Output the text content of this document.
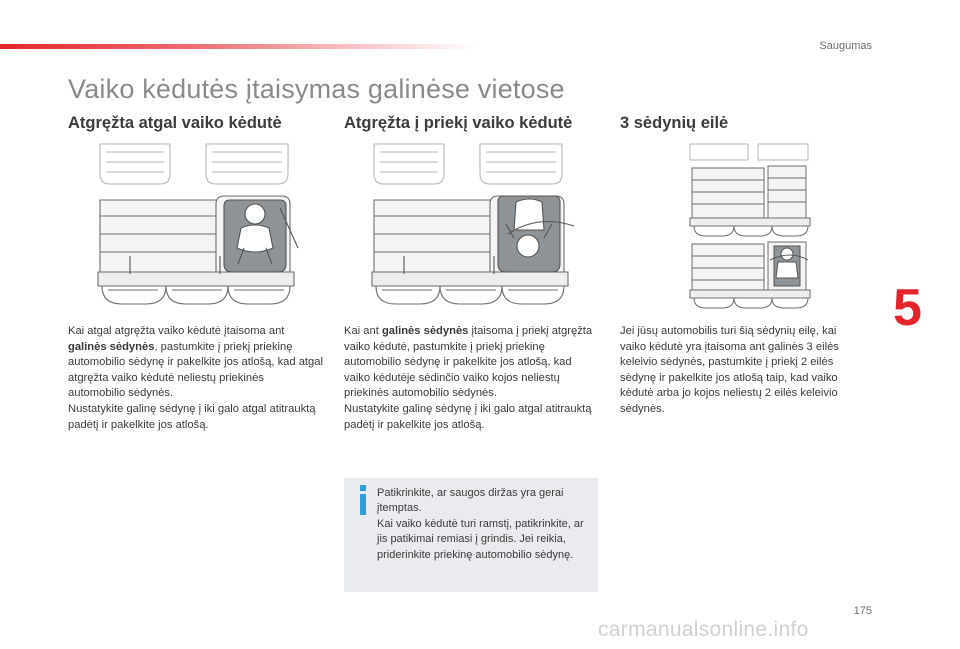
Saugumas
Vaiko kėdutės įtaisymas galinėse vietose
Atgręžta atgal vaiko kėdutė	Atgręžta į priekį vaiko kėdutė	3 sėdynių eilė

Kai atgal atgręžta vaiko kėdutė įtaisoma ant galinės sėdynės, pastumkite į priekį priekinę automobilio sėdynę ir pakelkite jos atlošą, kad atgal atgręžta vaiko kėdutė neliestų priekinės automobilio sėdynės.

Nustatykite galinę sėdynę į iki galo atgal atitrauktą padėtį ir pakelkite jos atlošą.

Kai ant galinės sėdynės įtaisoma į priekį atgręžta vaiko kėdutė, pastumkite į priekį priekinę automobilio sėdynę ir pakelkite jos atlošą, kad vaiko kėdutėje sėdinčio vaiko kojos neliestų priekinės automobilio sėdynės.

Nustatykite galinę sėdynę į iki galo atgal atitrauktą padėtį ir pakelkite jos atlošą.

Jei jūsų automobilis turi šią sėdynių eilę, kai vaiko kėdutė yra įtaisoma ant galinės 3 eilės keleivio sėdynės, pastumkite į priekį 2 eilės sėdynę ir pakelkite jos atlošą taip, kad vaiko kėdutė arba jo kojos neliestų 2 eilės keleivio sėdynės.

Patikrinkite, ar saugos diržas yra gerai įtemptas.

Kai vaiko kėdutė turi ramstį, patikrinkite, ar jis patikimai remiasi į grindis. Jei reikia, priderinkite priekinę automobilio sėdynę.

5
175
carmanualsonline.info
